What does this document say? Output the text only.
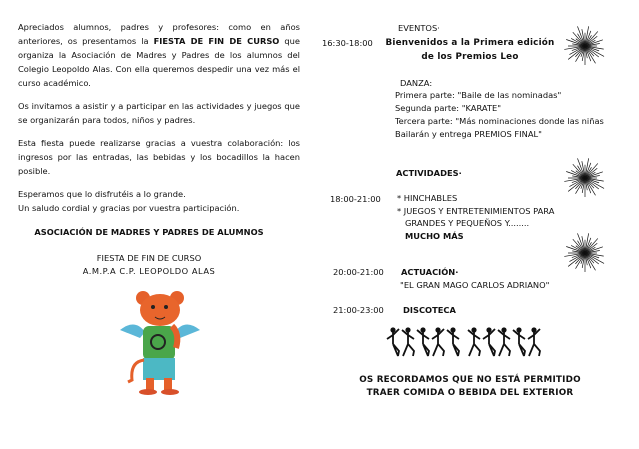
Apreciados alumnos, padres y profesores: como en años anteriores, os presentamos la FIESTA DE FIN DE CURSO que organiza la Asociación de Madres y Padres de los alumnos del Colegio Leopoldo Alas. Con ella queremos despedir una vez más el curso académico.

Os invitamos a asistir y a participar en las actividades y juegos que se organizarán para todos, niños y padres.

Esta fiesta puede realizarse gracias a vuestra colaboración: los ingresos por las entradas, las bebidas y los bocadillos la hacen posible.

Esperamos que lo disfrutéis a lo grande.
Un saludo cordial y gracias por vuestra participación.

ASOCIACIÓN DE MADRES Y PADRES DE ALUMNOS
FIESTA DE FIN DE CURSO
A.M.P.A C.P. LEOPOLDO ALAS
EVENTOS·
16:30-18:00	Bienvenidos a la Primera edición
de los Premios Leo
DANZA:
Primera parte: "Baile de las nominadas"
Segunda parte: "KARATE"
Tercera parte: "Más nominaciones donde las niñas
Bailarán y entrega PREMIOS FINAL"
ACTIVIDADES·
18:00-21:00 * HINCHABLES
* JUEGOS Y ENTRETENIMIENTOS PARA
GRANDES Y PEQUEÑOS Y........
MUCHO MÁS
20:00-21:00 ACTUACIÓN·
"EL GRAN MAGO CARLOS ADRIANO"
21:00-23:00 DISCOTECA
OS RECORDAMOS QUE NO ESTÁ PERMITIDO
TRAER COMIDA O BEBIDA DEL EXTERIOR
